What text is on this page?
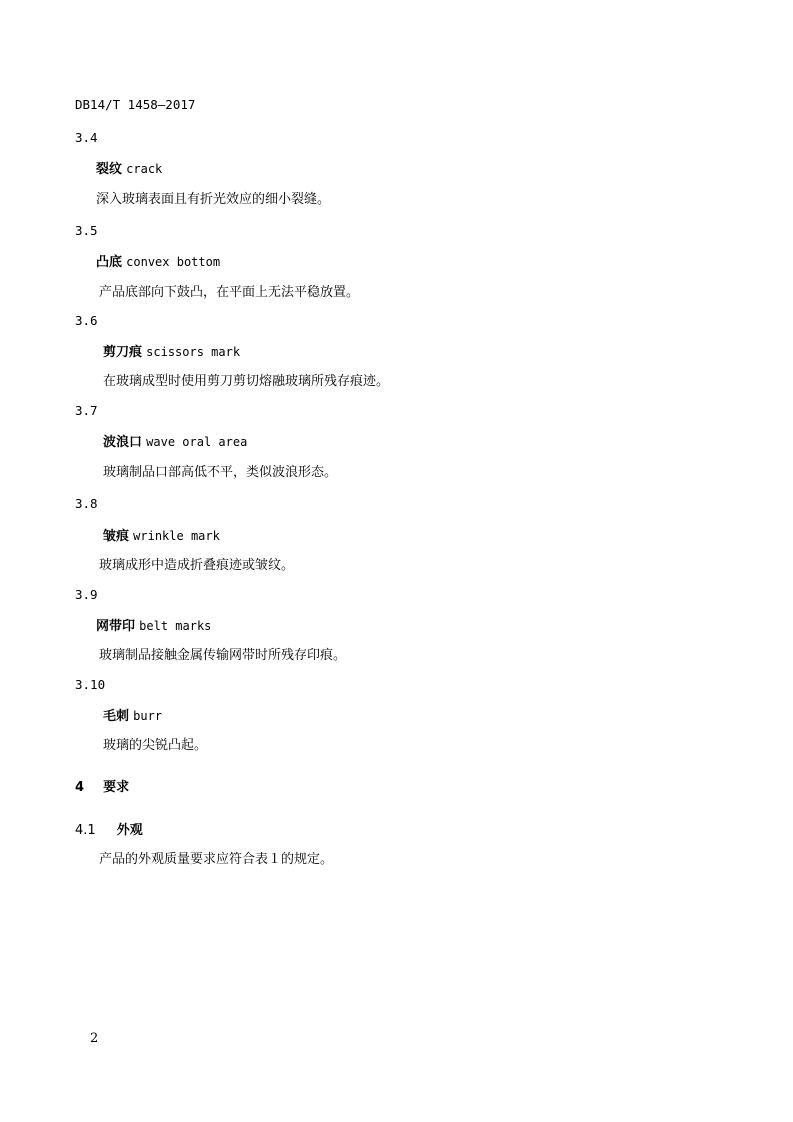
DB14/T 1458—2017
3.4
裂纹 crack
深入玻璃表面且有折光效应的细小裂缝。
3.5
凸底 convex bottom
产品底部向下鼓凸，在平面上无法平稳放置。
3.6
剪刀痕 scissors mark
在玻璃成型时使用剪刀剪切熔融玻璃所残存痕迹。
3.7
波浪口 wave oral area
玻璃制品口部高低不平，类似波浪形态。
3.8
皱痕 wrinkle mark
玻璃成形中造成折叠痕迹或皱纹。
3.9
网带印 belt marks
玻璃制品接触金属传输网带时所残存印痕。
3.10
毛刺 burr
玻璃的尖锐凸起。
4 要求
4.1 外观
产品的外观质量要求应符合表１的规定。
2
